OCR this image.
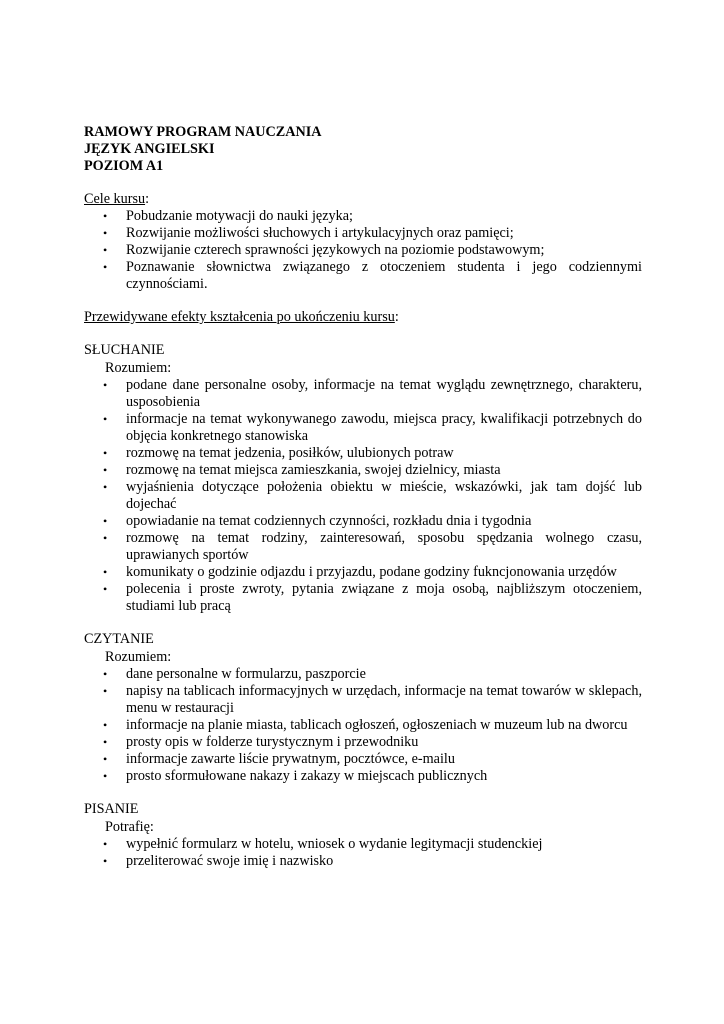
RAMOWY PROGRAM NAUCZANIA
JĘZYK ANGIELSKI
POZIOM A1
Cele kursu:
• Pobudzanie motywacji do nauki języka;
• Rozwijanie możliwości słuchowych i artykulacyjnych oraz pamięci;
• Rozwijanie czterech sprawności językowych na poziomie podstawowym;
• Poznawanie słownictwa związanego z otoczeniem studenta i jego codziennymi czynnościami.
Przewidywane efekty kształcenia po ukończeniu kursu:
SŁUCHANIE
Rozumiem:
• podane dane personalne osoby, informacje na temat wyglądu zewnętrznego, charakteru, usposobienia
• informacje na temat wykonywanego zawodu, miejsca pracy, kwalifikacji potrzebnych do objęcia konkretnego stanowiska
• rozmowę na temat jedzenia, posiłków, ulubionych potraw
• rozmowę na temat miejsca zamieszkania, swojej dzielnicy, miasta
• wyjaśnienia dotyczące położenia obiektu w mieście, wskazówki, jak tam dojść lub dojechać
• opowiadanie na temat codziennych czynności, rozkładu dnia i tygodnia
• rozmowę na temat rodziny, zainteresowań, sposobu spędzania wolnego czasu, uprawianych sportów
• komunikaty o godzinie odjazdu i przyjazdu, podane godziny fukncjonowania urzędów
• polecenia i proste zwroty, pytania związane z moja osobą, najbliższym otoczeniem, studiami lub pracą
CZYTANIE
Rozumiem:
• dane personalne w formularzu, paszporcie
• napisy na tablicach informacyjnych w urzędach, informacje na temat towarów w sklepach, menu w restauracji
• informacje na planie miasta, tablicach ogłoszeń, ogłoszeniach w muzeum lub na dworcu
• prosty opis w folderze turystycznym i przewodniku
• informacje zawarte liście prywatnym, pocztówce, e-mailu
• prosto sformułowane nakazy i zakazy w miejscach publicznych
PISANIE
Potrafię:
• wypełnić formularz w hotelu, wniosek o wydanie legitymacji studenckiej
• przeliterować swoje imię i nazwisko
